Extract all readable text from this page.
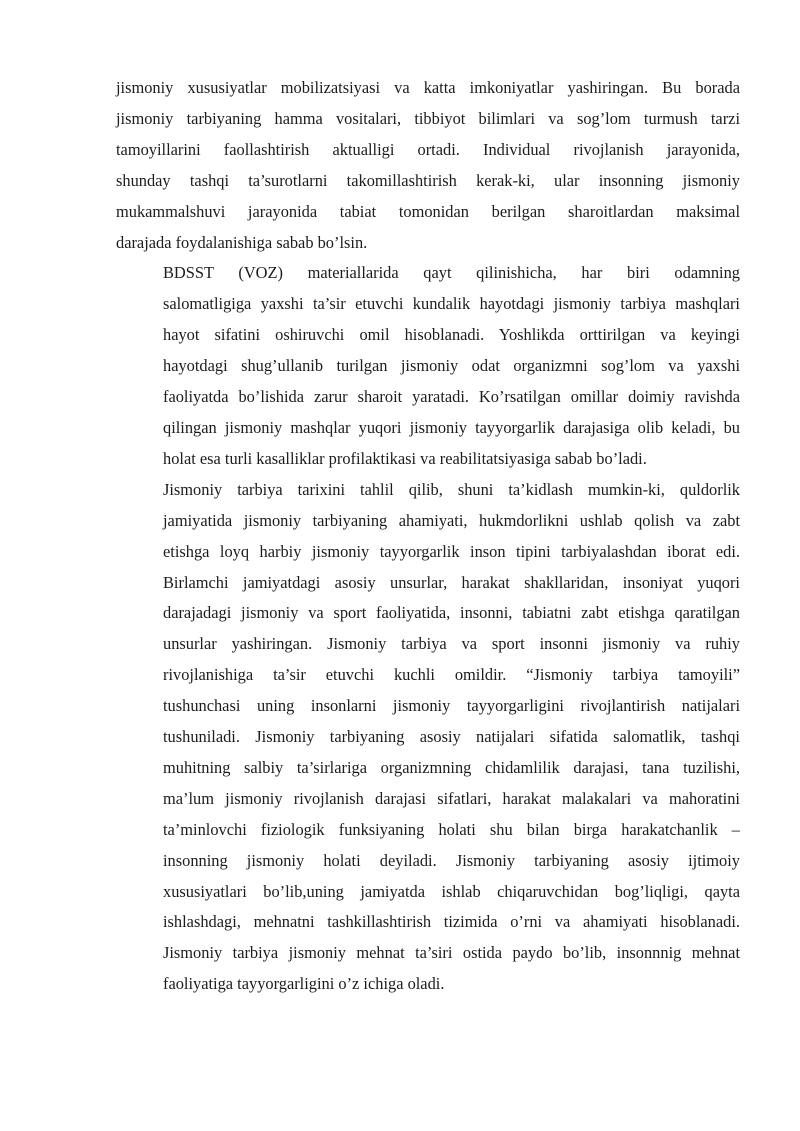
jismoniy xususiyatlar mobilizatsiyasi va katta imkoniyatlar yashiringan. Bu borada
jismoniy tarbiyaning hamma vositalari, tibbiyot bilimlari va sog’lom turmush tarzi
tamoyillarini faollashtirish aktualligi ortadi. Individual rivojlanish jarayonida,
shunday tashqi ta’surotlarni takomillashtirish kerak-ki, ular insonning jismoniy
mukammalshuvi jarayonida tabiat tomonidan berilgan sharoitlardan maksimal
darajada foydalanishiga sabab bo’lsin.

BDSST (VOZ) materiallarida qayt qilinishicha, har biri odamning
salomatligiga yaxshi ta’sir etuvchi kundalik hayotdagi jismoniy tarbiya mashqlari
hayot sifatini oshiruvchi omil hisoblanadi. Yoshlikda orttirilgan va keyingi
hayotdagi shug’ullanib turilgan jismoniy odat organizmni sog’lom va yaxshi
faoliyatda bo’lishida zarur sharoit yaratadi. Ko’rsatilgan omillar doimiy ravishda
qilingan jismoniy mashqlar yuqori jismoniy tayyorgarlik darajasiga olib keladi, bu
holat esa turli kasalliklar profilaktikasi va reabilitatsiyasiga sabab bo’ladi.

Jismoniy tarbiya tarixini tahlil qilib, shuni ta’kidlash mumkin-ki, quldorlik
jamiyatida jismoniy tarbiyaning ahamiyati, hukmdorlikni ushlab qolish va zabt
etishga loyq harbiy jismoniy tayyorgarlik inson tipini tarbiyalashdan iborat edi.
Birlamchi jamiyatdagi asosiy unsurlar, harakat shakllaridan, insoniyat yuqori
darajadagi jismoniy va sport faoliyatida, insonni, tabiatni zabt etishga qaratilgan
unsurlar yashiringan. Jismoniy tarbiya va sport insonni jismoniy va ruhiy
rivojlanishiga ta’sir etuvchi kuchli omildir. “Jismoniy tarbiya tamoyili”
tushunchasi uning insonlarni jismoniy tayyorgarligini rivojlantirish natijalari
tushuniladi. Jismoniy tarbiyaning asosiy natijalari sifatida salomatlik, tashqi
muhitning salbiy ta’sirlariga organizmning chidamlilik darajasi, tana tuzilishi,
ma’lum jismoniy rivojlanish darajasi sifatlari, harakat malakalari va mahoratini
ta’minlovchi fiziologik funksiyaning holati shu bilan birga harakatchanlik –
insonning jismoniy holati deyiladi. Jismoniy tarbiyaning asosiy ijtimoiy
xususiyatlari bo’lib,uning jamiyatda ishlab chiqaruvchidan bog’liqligi, qayta
ishlashdagi, mehnatni tashkillashtirish tizimida o’rni va ahamiyati hisoblanadi.
Jismoniy tarbiya jismoniy mehnat ta’siri ostida paydo bo’lib, insonnnig mehnat
faoliyatiga tayyorgarligini o’z ichiga oladi.
